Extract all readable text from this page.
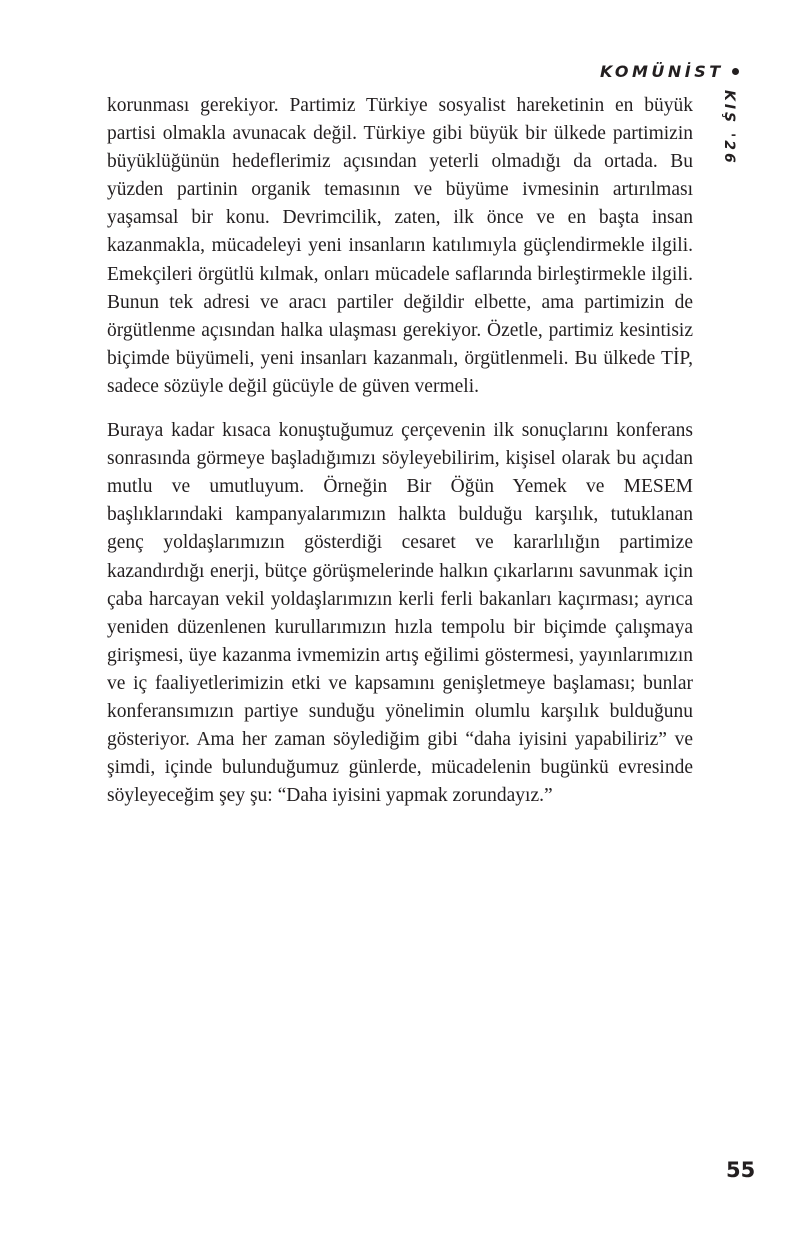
KOMÜNİST
KIŞ '26

korunması gerekiyor. Partimiz Türkiye sosyalist hareketinin en büyük partisi olmakla avunacak değil. Türkiye gibi büyük bir ülkede partimizin büyüklüğünün hedeflerimiz açısından yeterli olmadığı da ortada. Bu yüzden partinin organik temasının ve büyüme ivmesinin artırılması yaşamsal bir konu. Devrimcilik, zaten, ilk önce ve en başta insan kazanmakla, mücadeleyi yeni insanların katılımıyla güçlendirmekle ilgili. Emekçileri örgütlü kılmak, onları mücadele saflarında birleştirmekle ilgili. Bunun tek adresi ve aracı partiler değildir elbette, ama partimizin de örgütlenme açısından halka ulaşması gerekiyor. Özetle, partimiz kesintisiz biçimde büyümeli, yeni insanları kazanmalı, örgütlenmeli. Bu ülkede TİP, sadece sözüyle değil gücüyle de güven vermeli.

Buraya kadar kısaca konuştuğumuz çerçevenin ilk sonuçlarını konferans sonrasında görmeye başladığımızı söyleyebilirim, kişisel olarak bu açıdan mutlu ve umutluyum. Örneğin Bir Öğün Yemek ve MESEM başlıklarındaki kampanyalarımızın halkta bulduğu karşılık, tutuklanan genç yoldaşlarımızın gösterdiği cesaret ve kararlılığın partimize kazandırdığı enerji, bütçe görüşmelerinde halkın çıkarlarını savunmak için çaba harcayan vekil yoldaşlarımızın kerli ferli bakanları kaçırması; ayrıca yeniden düzenlenen kurullarımızın hızla tempolu bir biçimde çalışmaya girişmesi, üye kazanma ivmemizin artış eğilimi göstermesi, yayınlarımızın ve iç faaliyetlerimizin etki ve kapsamını genişletmeye başlaması; bunlar konferansımızın partiye sunduğu yönelimin olumlu karşılık bulduğunu gösteriyor. Ama her zaman söylediğim gibi “daha iyisini yapabiliriz” ve şimdi, içinde bulunduğumuz günlerde, mücadelenin bugünkü evresinde söyleyeceğim şey şu: “Daha iyisini yapmak zorundayız.”

55
